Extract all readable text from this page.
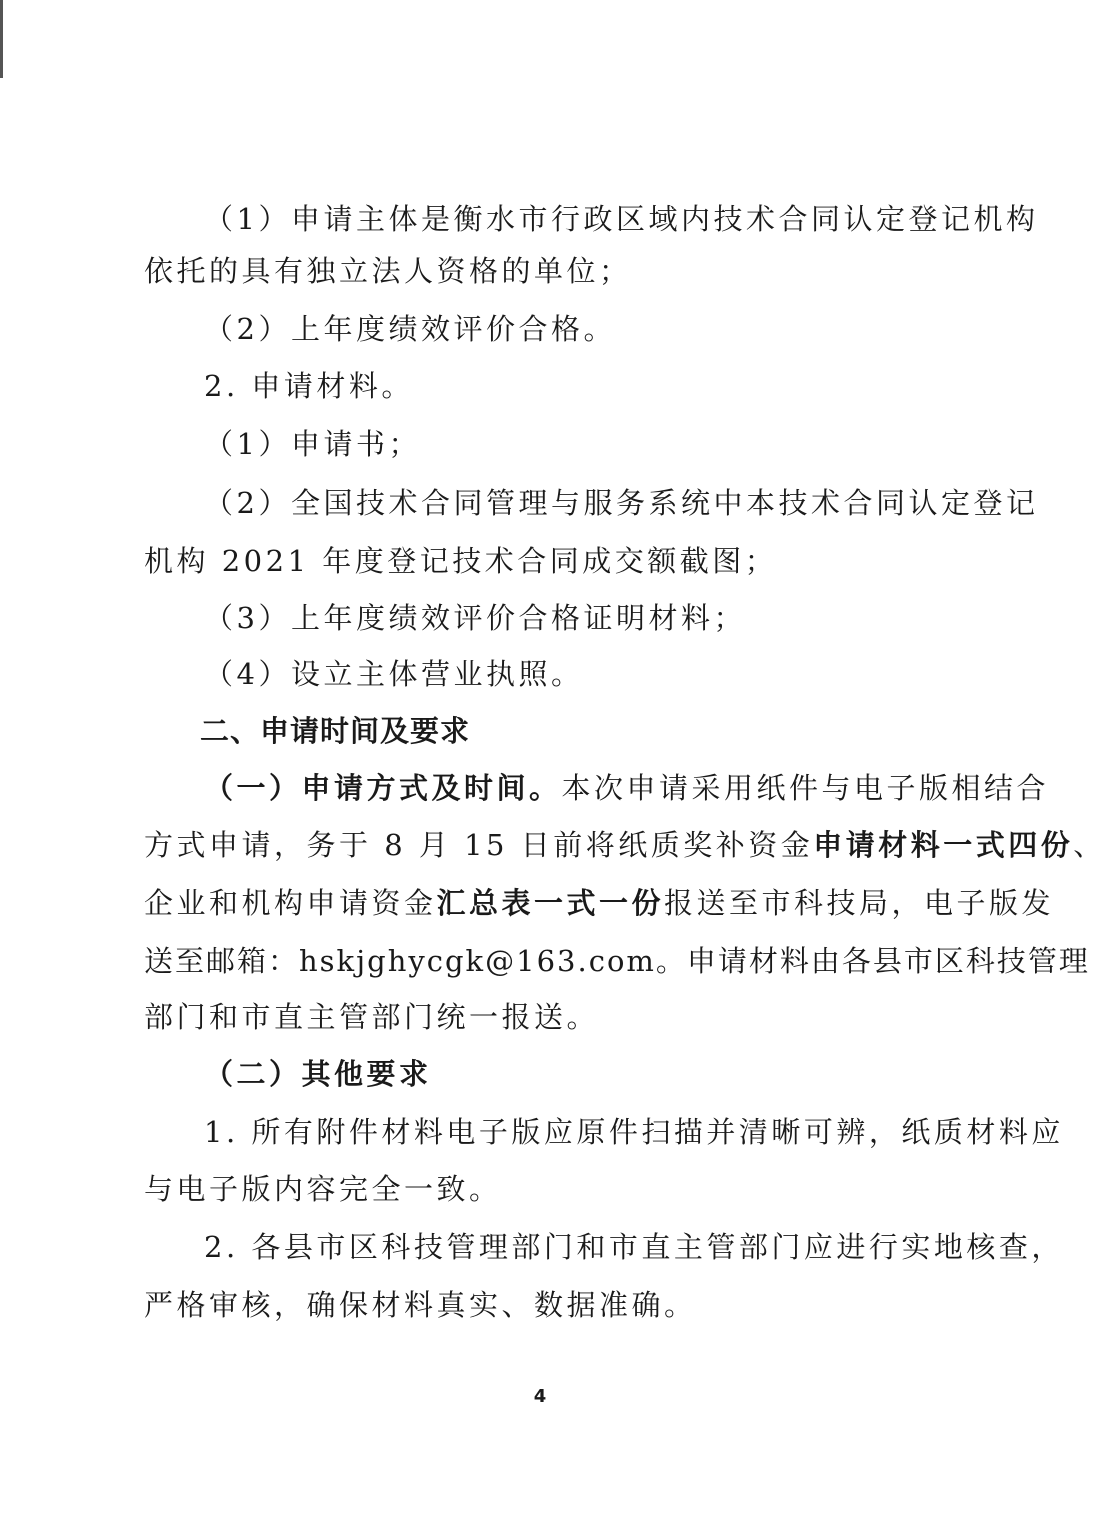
（1）申请主体是衡水市行政区域内技术合同认定登记机构
依托的具有独立法人资格的单位；
（2）上年度绩效评价合格。
2. 申请材料。
（1）申请书；
（2）全国技术合同管理与服务系统中本技术合同认定登记
机构 2021 年度登记技术合同成交额截图；
（3）上年度绩效评价合格证明材料；
（4）设立主体营业执照。
二、申请时间及要求
（一）申请方式及时间。本次申请采用纸件与电子版相结合
方式申请，务于 8 月 15 日前将纸质奖补资金申请材料一式四份、
企业和机构申请资金汇总表一式一份报送至市科技局，电子版发
送至邮箱：hskjghycgk@163.com。申请材料由各县市区科技管理
部门和市直主管部门统一报送。
（二）其他要求
1. 所有附件材料电子版应原件扫描并清晰可辨，纸质材料应
与电子版内容完全一致。
2. 各县市区科技管理部门和市直主管部门应进行实地核查，
严格审核，确保材料真实、数据准确。
4
